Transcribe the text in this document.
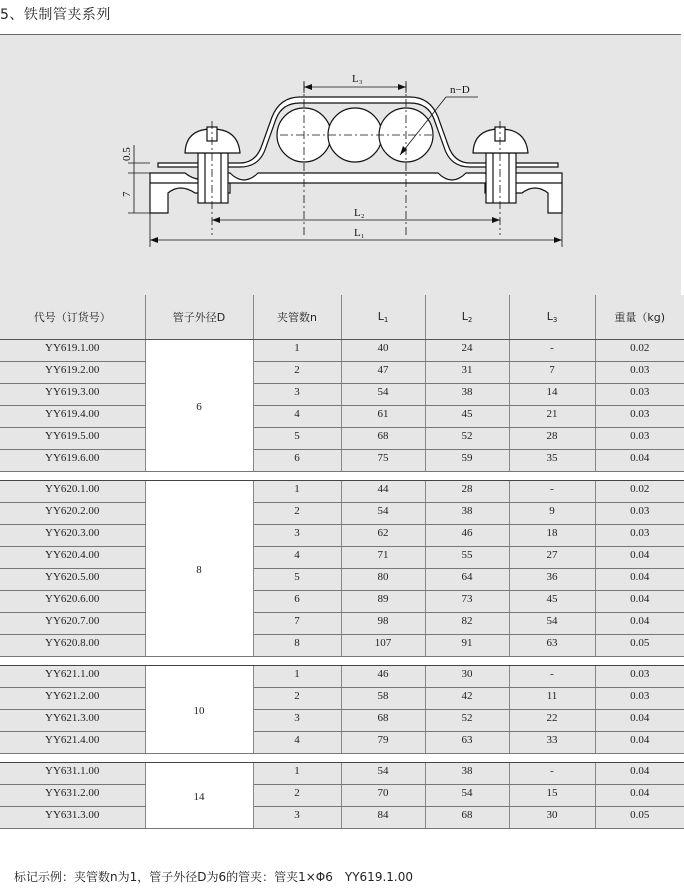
5、铁制管夹系列
L₃
n−D
L₂
L₁
0.5
7
代号（订货号）	管子外径D	夹管数n	$L_1$	$L_2$	$L_3$	重量（kg)
YY619.1.00	6	1	40	24	-	0.02
YY619.2.00		2	47	31	7	0.03
YY619.3.00		3	54	38	14	0.03
YY619.4.00		4	61	45	21	0.03
YY619.5.00		5	68	52	28	0.03
YY619.6.00		6	75	59	35	0.04

YY620.1.00	8	1	44	28	-	0.02
YY620.2.00		2	54	38	9	0.03
YY620.3.00		3	62	46	18	0.03
YY620.4.00		4	71	55	27	0.04
YY620.5.00		5	80	64	36	0.04
YY620.6.00		6	89	73	45	0.04
YY620.7.00		7	98	82	54	0.04
YY620.8.00		8	107	91	63	0.05

YY621.1.00	10	1	46	30	-	0.03
YY621.2.00		2	58	42	11	0.03
YY621.3.00		3	68	52	22	0.04
YY621.4.00		4	79	63	33	0.04

YY631.1.00	14	1	54	38	-	0.04
YY631.2.00		2	70	54	15	0.04
YY631.3.00		3	84	68	30	0.05
标记示例：夹管数n为1，管子外径D为6的管夹：管夹1×Φ6　YY619.1.00
